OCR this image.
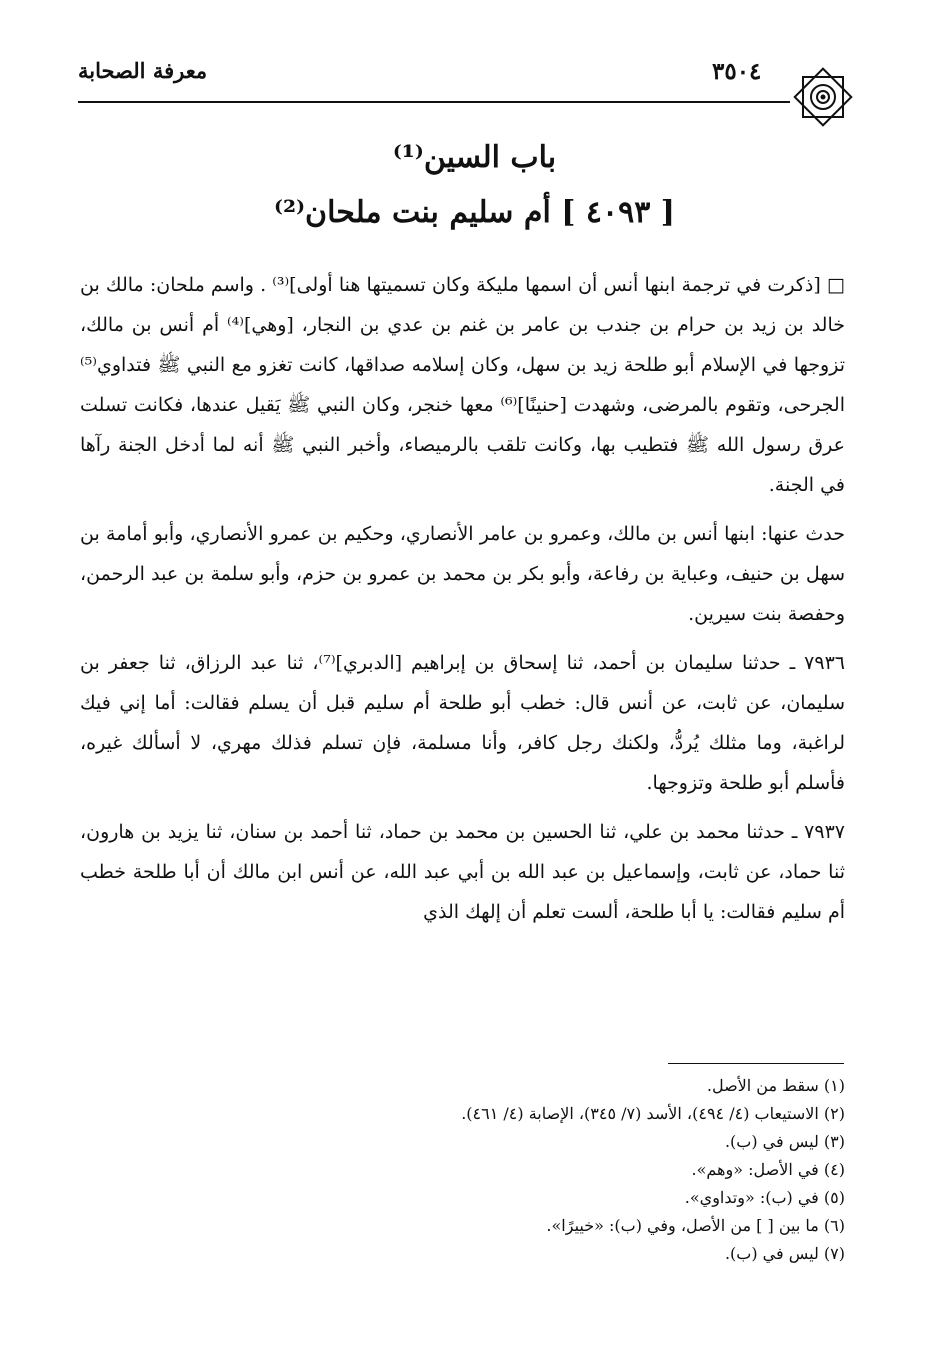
معرفة الصحابة	٣٥٠٤
باب السين⁽¹⁾
[ ٤٠٩٣ ] أم سليم بنت ملحان⁽²⁾

□ [ذكرت في ترجمة ابنها أنس أن اسمها مليكة وكان تسميتها هنا أولى]⁽³⁾ . واسم ملحان: مالك بن خالد بن زيد بن حرام بن جندب بن عامر بن غنم بن عدي بن النجار، [وهي]⁽⁴⁾ أم أنس بن مالك، تزوجها في الإسلام أبو طلحة زيد بن سهل، وكان إسلامه صداقها، كانت تغزو مع النبي ﷺ فتداوي⁽⁵⁾ الجرحى، وتقوم بالمرضى، وشهدت [حنينًا]⁽⁶⁾ معها خنجر، وكان النبي ﷺ يَقيل عندها، فكانت تسلت عرق رسول الله ﷺ فتطيب بها، وكانت تلقب بالرميصاء، وأخبر النبي ﷺ أنه لما أدخل الجنة رآها في الجنة.

حدث عنها: ابنها أنس بن مالك، وعمرو بن عامر الأنصاري، وحكيم بن عمرو الأنصاري، وأبو أمامة بن سهل بن حنيف، وعباية بن رفاعة، وأبو بكر بن محمد بن عمرو بن حزم، وأبو سلمة بن عبد الرحمن، وحفصة بنت سيرين.

٧٩٣٦ ـ حدثنا سليمان بن أحمد، ثنا إسحاق بن إبراهيم [الدبري]⁽⁷⁾، ثنا عبد الرزاق، ثنا جعفر بن سليمان، عن ثابت، عن أنس قال: خطب أبو طلحة أم سليم قبل أن يسلم فقالت: أما إني فيك لراغبة، وما مثلك يُردُّ، ولكنك رجل كافر، وأنا مسلمة، فإن تسلم فذلك مهري، لا أسألك غيره، فأسلم أبو طلحة وتزوجها.

٧٩٣٧ ـ حدثنا محمد بن علي، ثنا الحسين بن محمد بن حماد، ثنا أحمد بن سنان، ثنا يزيد بن هارون، ثنا حماد، عن ثابت، وإسماعيل بن عبد الله بن أبي عبد الله، عن أنس ابن مالك أن أبا طلحة خطب أم سليم فقالت: يا أبا طلحة، ألست تعلم أن إلهك الذي

(١) سقط من الأصل.
(٢) الاستيعاب (٤/ ٤٩٤)، الأسد (٧/ ٣٤٥)، الإصابة (٤/ ٤٦١).
(٣) ليس في (ب).
(٤) في الأصل: «وهم».
(٥) في (ب): «وتداوي».
(٦) ما بين [ ] من الأصل، وفي (ب): «خييرًا».
(٧) ليس في (ب).
